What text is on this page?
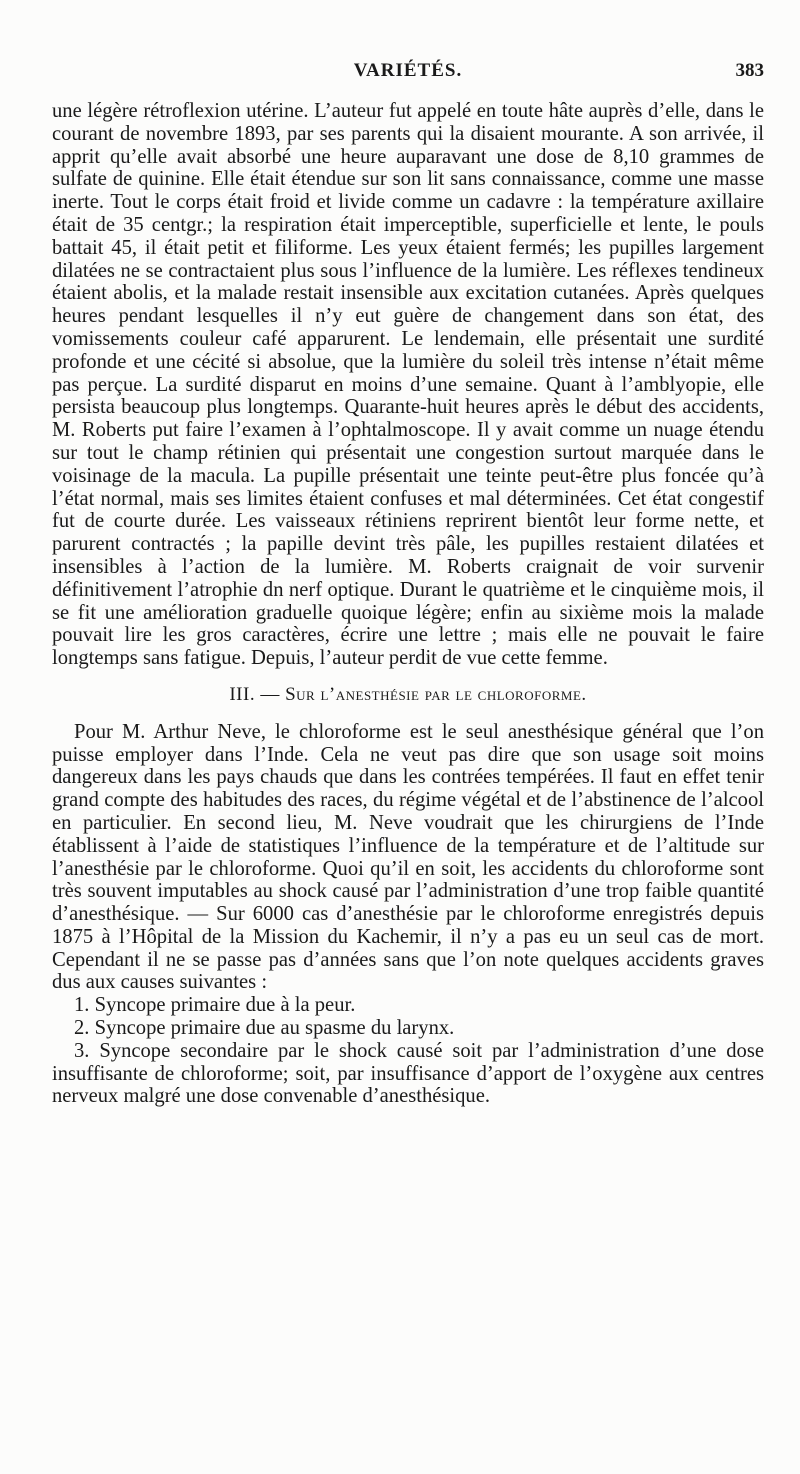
VARIÉTÉS.	383

une légère rétroflexion utérine. L’auteur fut appelé en toute hâte auprès d’elle, dans le courant de novembre 1893, par ses parents qui la disaient mourante. A son arrivée, il apprit qu’elle avait absorbé une heure auparavant une dose de 8,10 grammes de sulfate de quinine. Elle était étendue sur son lit sans connaissance, comme une masse inerte. Tout le corps était froid et livide comme un cadavre : la température axillaire était de 35 centgr.; la respiration était imperceptible, superficielle et lente, le pouls battait 45, il était petit et filiforme. Les yeux étaient fermés; les pupilles largement dilatées ne se contractaient plus sous l’influence de la lumière. Les réflexes tendineux étaient abolis, et la malade restait insensible aux excitation cutanées. Après quelques heures pendant lesquelles il n’y eut guère de changement dans son état, des vomissements couleur café apparurent. Le lendemain, elle présentait une surdité profonde et une cécité si absolue, que la lumière du soleil très intense n’était même pas perçue. La surdité disparut en moins d’une semaine. Quant à l’amblyopie, elle persista beaucoup plus longtemps. Quarante-huit heures après le début des accidents, M. Roberts put faire l’examen à l’ophtalmoscope. Il y avait comme un nuage étendu sur tout le champ rétinien qui présentait une congestion surtout marquée dans le voisinage de la macula. La pupille présentait une teinte peut-être plus foncée qu’à l’état normal, mais ses limites étaient confuses et mal déterminées. Cet état congestif fut de courte durée. Les vaisseaux rétiniens reprirent bientôt leur forme nette, et parurent contractés ; la papille devint très pâle, les pupilles restaient dilatées et insensibles à l’action de la lumière. M. Roberts craignait de voir survenir définitivement l’atrophie dn nerf optique. Durant le quatrième et le cinquième mois, il se fit une amélioration graduelle quoique légère; enfin au sixième mois la malade pouvait lire les gros caractères, écrire une lettre ; mais elle ne pouvait le faire longtemps sans fatigue. Depuis, l’auteur perdit de vue cette femme.

III. — Sur l’anesthésie par le chloroforme.

Pour M. Arthur Neve, le chloroforme est le seul anesthésique général que l’on puisse employer dans l’Inde. Cela ne veut pas dire que son usage soit moins dangereux dans les pays chauds que dans les contrées tempérées. Il faut en effet tenir grand compte des habitudes des races, du régime végétal et de l’abstinence de l’alcool en particulier. En second lieu, M. Neve voudrait que les chirurgiens de l’Inde établissent à l’aide de statistiques l’influence de la température et de l’altitude sur l’anesthésie par le chloroforme. Quoi qu’il en soit, les accidents du chloroforme sont très souvent imputables au shock causé par l’administration d’une trop faible quantité d’anesthésique. — Sur 6000 cas d’anesthésie par le chloroforme enregistrés depuis 1875 à l’Hôpital de la Mission du Kachemir, il n’y a pas eu un seul cas de mort. Cependant il ne se passe pas d’années sans que l’on note quelques accidents graves dus aux causes suivantes :

1. Syncope primaire due à la peur.
2. Syncope primaire due au spasme du larynx.
3. Syncope secondaire par le shock causé soit par l’administration d’une dose insuffisante de chloroforme; soit, par insuffisance d’apport de l’oxygène aux centres nerveux malgré une dose convenable d’anesthésique.
